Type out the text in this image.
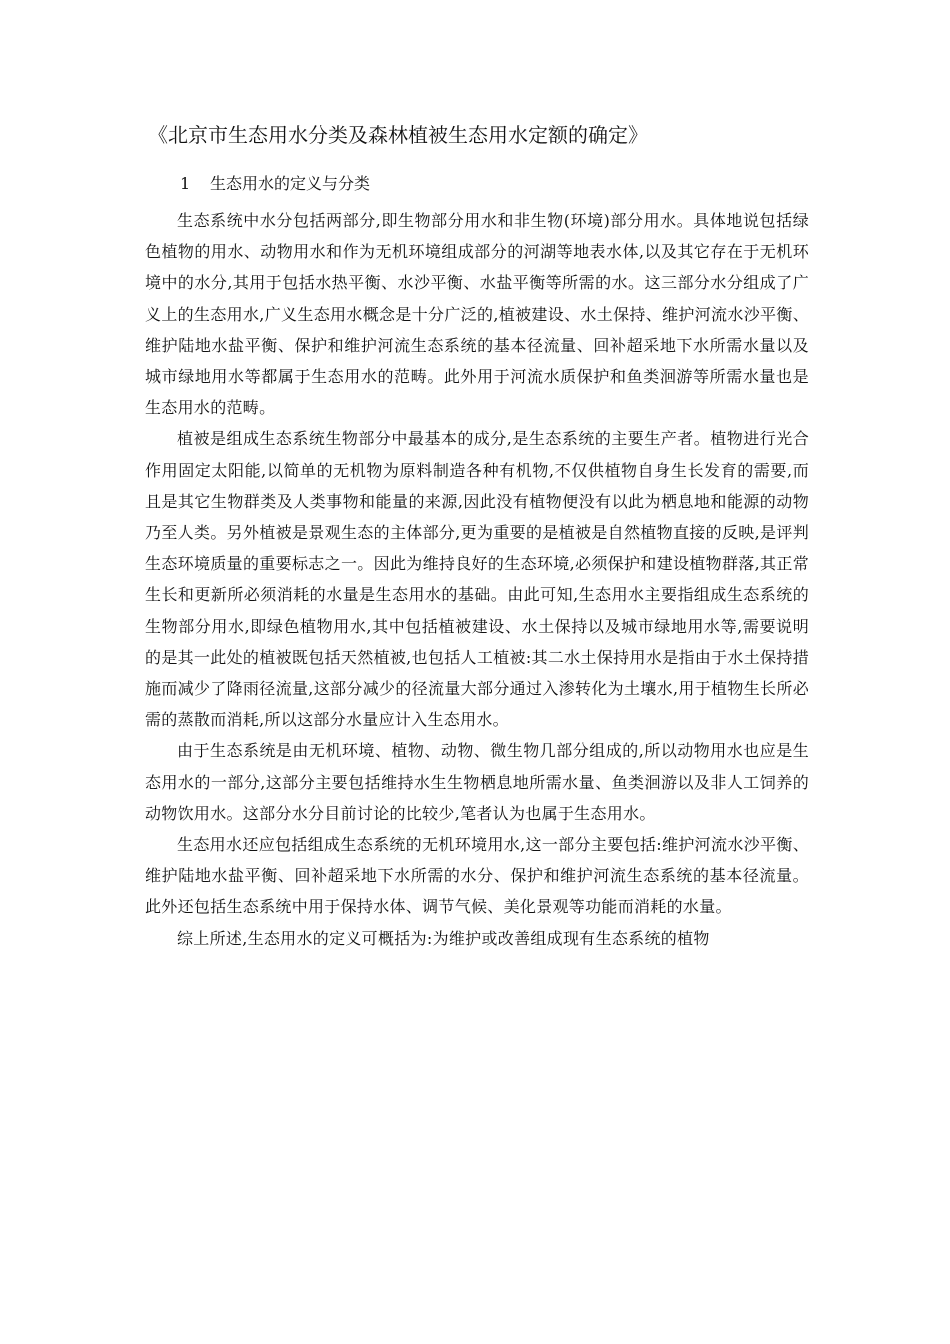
《北京市生态用水分类及森林植被生态用水定额的确定》
1 生态用水的定义与分类

生态系统中水分包括两部分,即生物部分用水和非生物(环境)部分用水。具体地说包括绿色植物的用水、动物用水和作为无机环境组成部分的河湖等地表水体,以及其它存在于无机环境中的水分,其用于包括水热平衡、水沙平衡、水盐平衡等所需的水。这三部分水分组成了广义上的生态用水,广义生态用水概念是十分广泛的,植被建设、水土保持、维护河流水沙平衡、维护陆地水盐平衡、保护和维护河流生态系统的基本径流量、回补超采地下水所需水量以及城市绿地用水等都属于生态用水的范畴。此外用于河流水质保护和鱼类洄游等所需水量也是生态用水的范畴。

植被是组成生态系统生物部分中最基本的成分,是生态系统的主要生产者。植物进行光合作用固定太阳能,以简单的无机物为原料制造各种有机物,不仅供植物自身生长发育的需要,而且是其它生物群类及人类事物和能量的来源,因此没有植物便没有以此为栖息地和能源的动物乃至人类。另外植被是景观生态的主体部分,更为重要的是植被是自然植物直接的反映,是评判生态环境质量的重要标志之一。因此为维持良好的生态环境,必须保护和建设植物群落,其正常生长和更新所必须消耗的水量是生态用水的基础。由此可知,生态用水主要指组成生态系统的生物部分用水,即绿色植物用水,其中包括植被建设、水土保持以及城市绿地用水等,需要说明的是其一此处的植被既包括天然植被,也包括人工植被:其二水土保持用水是指由于水土保持措施而减少了降雨径流量,这部分减少的径流量大部分通过入渗转化为土壤水,用于植物生长所必需的蒸散而消耗,所以这部分水量应计入生态用水。

由于生态系统是由无机环境、植物、动物、微生物几部分组成的,所以动物用水也应是生态用水的一部分,这部分主要包括维持水生生物栖息地所需水量、鱼类洄游以及非人工饲养的动物饮用水。这部分水分目前讨论的比较少,笔者认为也属于生态用水。

生态用水还应包括组成生态系统的无机环境用水,这一部分主要包括:维护河流水沙平衡、维护陆地水盐平衡、回补超采地下水所需的水分、保护和维护河流生态系统的基本径流量。此外还包括生态系统中用于保持水体、调节气候、美化景观等功能而消耗的水量。

综上所述,生态用水的定义可概括为:为维护或改善组成现有生态系统的植物
